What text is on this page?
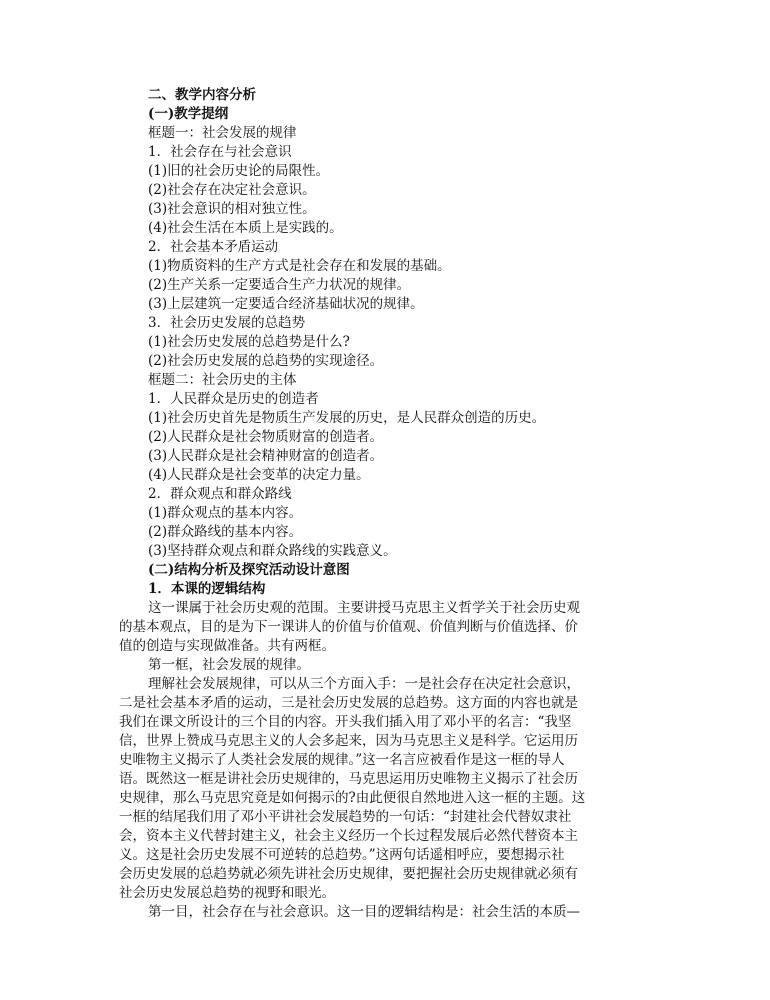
二、教学内容分析
(一)教学提纲
框题一：社会发展的规律
1．社会存在与社会意识
(1)旧的社会历史论的局限性。
(2)社会存在决定社会意识。
(3)社会意识的相对独立性。
(4)社会生活在本质上是实践的。
2．社会基本矛盾运动
(1)物质资料的生产方式是社会存在和发展的基础。
(2)生产关系一定要适合生产力状况的规律。
(3)上层建筑一定要适合经济基础状况的规律。
3．社会历史发展的总趋势
(1)社会历史发展的总趋势是什么?
(2)社会历史发展的总趋势的实现途径。
框题二：社会历史的主体
1．人民群众是历史的创造者
(1)社会历史首先是物质生产发展的历史，是人民群众创造的历史。
(2)人民群众是社会物质财富的创造者。
(3)人民群众是社会精神财富的创造者。
(4)人民群众是社会变革的决定力量。
2．群众观点和群众路线
(1)群众观点的基本内容。
(2)群众路线的基本内容。
(3)坚持群众观点和群众路线的实践意义。
(二)结构分析及探究活动设计意图
1．本课的逻辑结构
这一课属于社会历史观的范围。主要讲授马克思主义哲学关于社会历史观
的基本观点，目的是为下一课讲人的价值与价值观、价值判断与价值选择、价
值的创造与实现做准备。共有两框。
第一框，社会发展的规律。
理解社会发展规律，可以从三个方面入手：一是社会存在决定社会意识，
二是社会基本矛盾的运动，三是社会历史发展的总趋势。这方面的内容也就是
我们在课文所设计的三个目的内容。开头我们插入用了邓小平的名言：“我坚
信，世界上赞成马克思主义的人会多起来，因为马克思主义是科学。它运用历
史唯物主义揭示了人类社会发展的规律。”这一名言应被看作是这一框的导人
语。既然这一框是讲社会历史规律的，马克思运用历史唯物主义揭示了社会历
史规律，那么马克思究竟是如何揭示的?由此便很自然地进入这一框的主题。这
一框的结尾我们用了邓小平讲社会发展趋势的一句话：“封建社会代替奴隶社
会，资本主义代替封建主义，社会主义经历一个长过程发展后必然代替资本主
义。这是社会历史发展不可逆转的总趋势。”这两句话遥相呼应，要想揭示社
会历史发展的总趋势就必须先讲社会历史规律，要把握社会历史规律就必须有
社会历史发展总趋势的视野和眼光。
第一目，社会存在与社会意识。这一目的逻辑结构是：社会生活的本质—
